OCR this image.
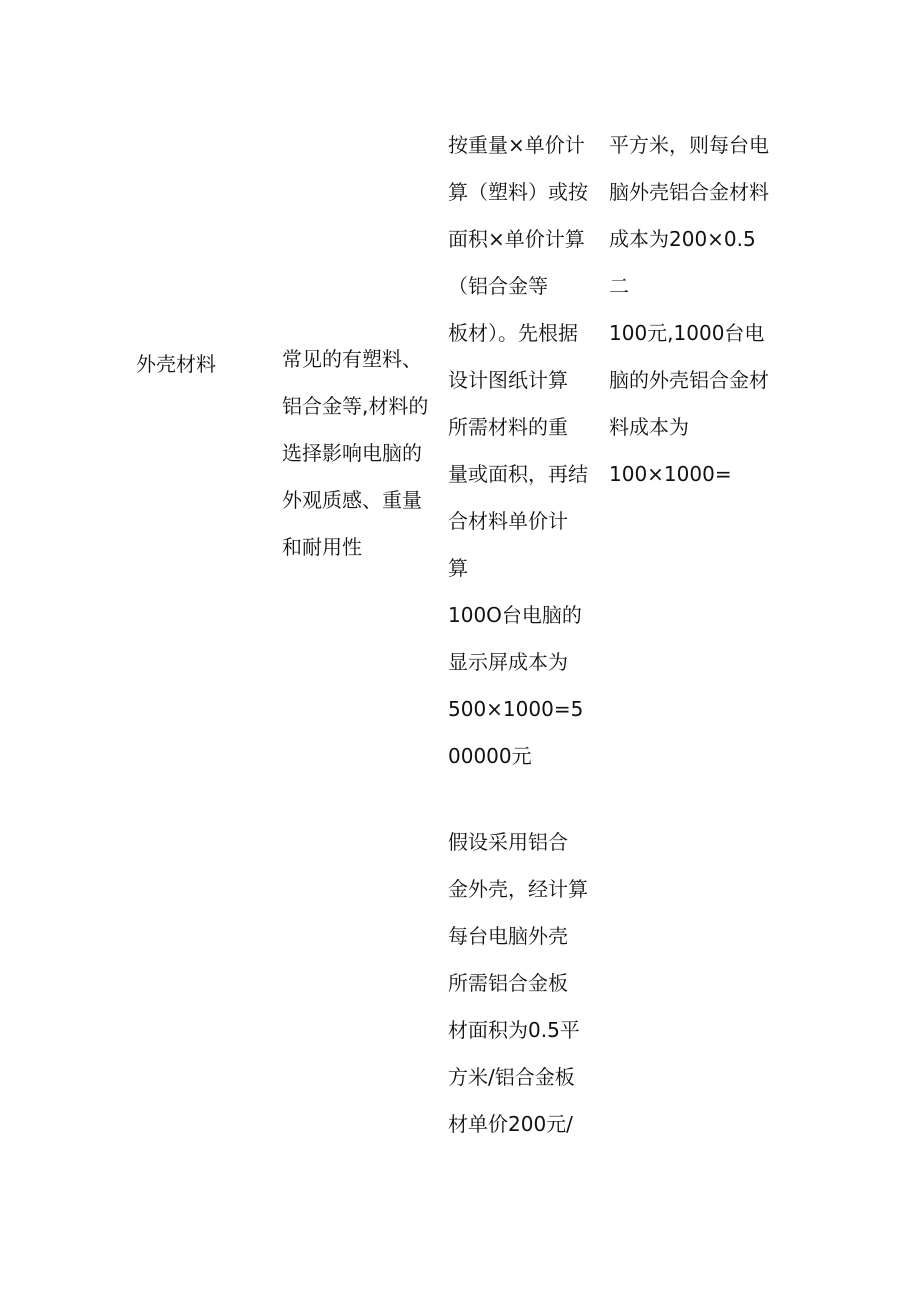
外壳材料	常见的有塑料、
铝合金等,材料的
选择影响电脑的
外观质感、重量
和耐用性
按重量×单价计
算（塑料）或按
面积×单价计算
（铝合金等
板材）。先根据
设计图纸计算
所需材料的重
量或面积，再结
合材料单价计
算
100O台电脑的
显示屏成本为
500×1000=5
00000元
假设采用铝合
金外壳，经计算
每台电脑外壳
所需铝合金板
材面积为0.5平
方米/铝合金板
材单价200元/
平方米，则每台电
脑外壳铝合金材料
成本为200×0.5
二
100元,1000台电
脑的外壳铝合金材
料成本为
100×1000=
